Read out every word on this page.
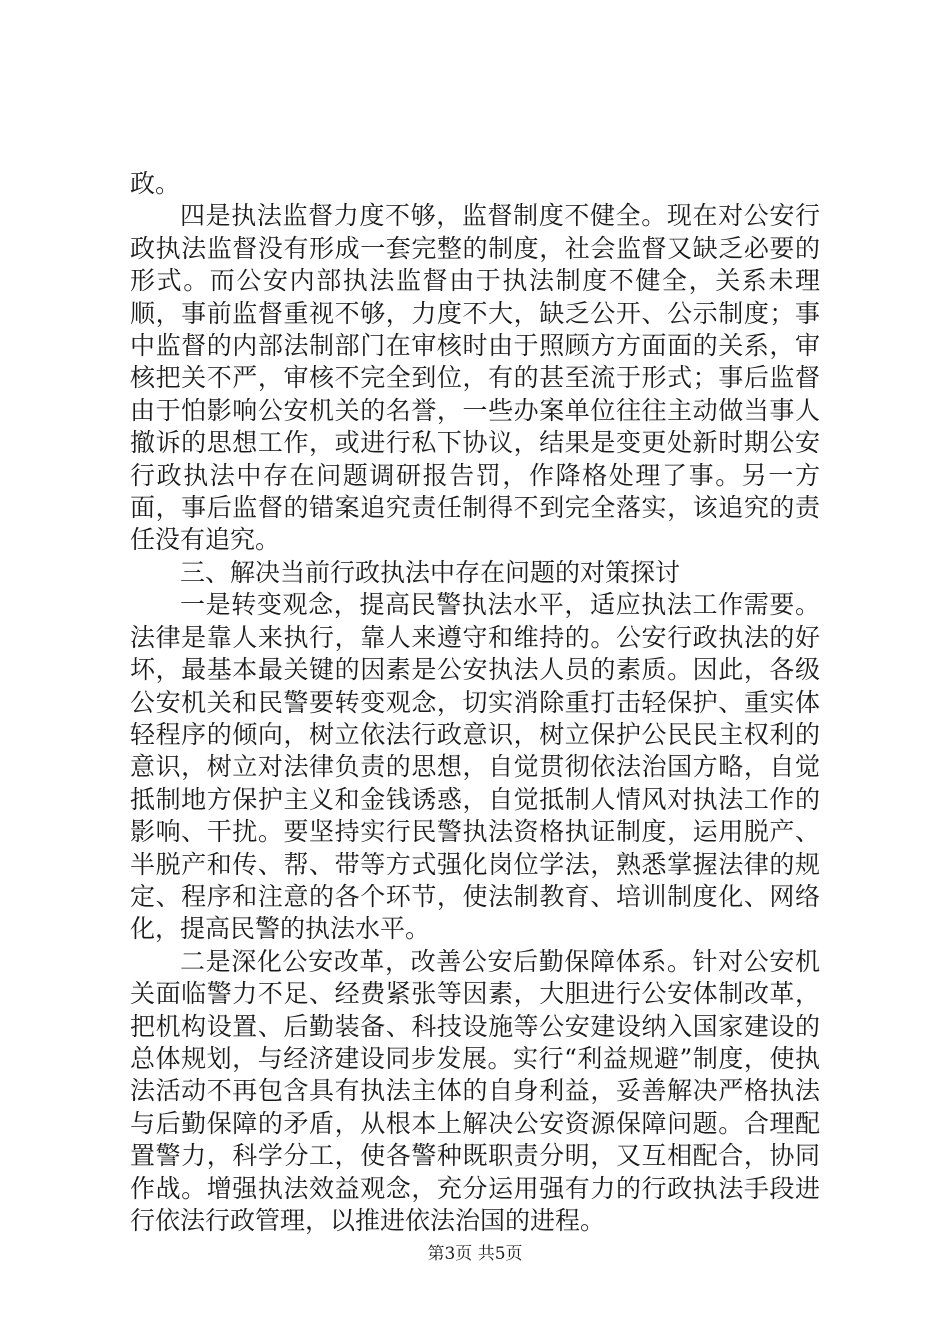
政。

四是执法监督力度不够，监督制度不健全。现在对公安行政执法监督没有形成一套完整的制度，社会监督又缺乏必要的形式。而公安内部执法监督由于执法制度不健全，关系未理顺，事前监督重视不够，力度不大，缺乏公开、公示制度；事中监督的内部法制部门在审核时由于照顾方方面面的关系，审核把关不严，审核不完全到位，有的甚至流于形式；事后监督由于怕影响公安机关的名誉，一些办案单位往往主动做当事人撤诉的思想工作，或进行私下协议，结果是变更处新时期公安行政执法中存在问题调研报告罚，作降格处理了事。另一方面，事后监督的错案追究责任制得不到完全落实，该追究的责任没有追究。

三、解决当前行政执法中存在问题的对策探讨

一是转变观念，提高民警执法水平，适应执法工作需要。法律是靠人来执行，靠人来遵守和维持的。公安行政执法的好坏，最基本最关键的因素是公安执法人员的素质。因此，各级公安机关和民警要转变观念，切实消除重打击轻保护、重实体轻程序的倾向，树立依法行政意识，树立保护公民民主权利的意识，树立对法律负责的思想，自觉贯彻依法治国方略，自觉抵制地方保护主义和金钱诱惑，自觉抵制人情风对执法工作的影响、干扰。要坚持实行民警执法资格执证制度，运用脱产、半脱产和传、帮、带等方式强化岗位学法，熟悉掌握法律的规定、程序和注意的各个环节，使法制教育、培训制度化、网络化，提高民警的执法水平。

二是深化公安改革，改善公安后勤保障体系。针对公安机关面临警力不足、经费紧张等因素，大胆进行公安体制改革，把机构设置、后勤装备、科技设施等公安建设纳入国家建设的总体规划，与经济建设同步发展。实行“利益规避”制度，使执法活动不再包含具有执法主体的自身利益，妥善解决严格执法与后勤保障的矛盾，从根本上解决公安资源保障问题。合理配置警力，科学分工，使各警种既职责分明，又互相配合，协同作战。增强执法效益观念，充分运用强有力的行政执法手段进行依法行政管理，以推进依法治国的进程。

第3页 共5页
